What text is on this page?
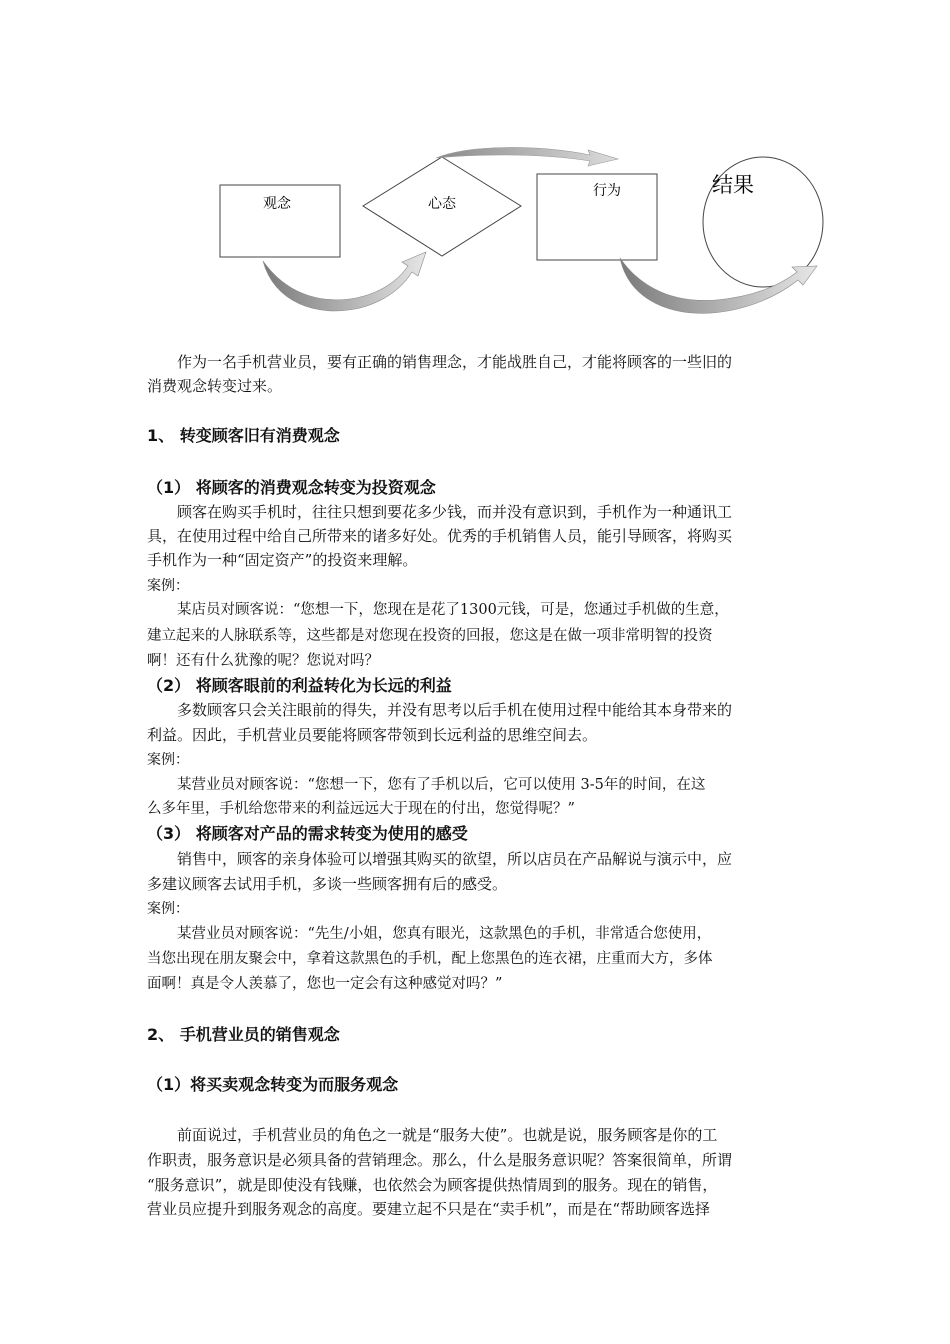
观念	心态
行为	结果
作为一名手机营业员，要有正确的销售理念，才能战胜自己，才能将顾客的一些旧的
消费观念转变过来。
1、 转变顾客旧有消费观念
（1） 将顾客的消费观念转变为投资观念
顾客在购买手机时，往往只想到要花多少钱，而并没有意识到，手机作为一种通讯工
具，在使用过程中给自己所带来的诸多好处。优秀的手机销售人员，能引导顾客，将购买
手机作为一种“固定资产”的投资来理解。
案例：
某店员对顾客说：“您想一下，您现在是花了1300元钱，可是，您通过手机做的生意，
建立起来的人脉联系等，这些都是对您现在投资的回报，您这是在做一项非常明智的投资
啊！还有什么犹豫的呢？您说对吗？
（2） 将顾客眼前的利益转化为长远的利益
多数顾客只会关注眼前的得失，并没有思考以后手机在使用过程中能给其本身带来的
利益。因此，手机营业员要能将顾客带领到长远利益的思维空间去。
案例：
某营业员对顾客说：“您想一下，您有了手机以后，它可以使用 3-5年的时间，在这
么多年里，手机给您带来的利益远远大于现在的付出，您觉得呢？”
（3） 将顾客对产品的需求转变为使用的感受
销售中，顾客的亲身体验可以增强其购买的欲望，所以店员在产品解说与演示中，应
多建议顾客去试用手机，多谈一些顾客拥有后的感受。
案例：
某营业员对顾客说：“先生/小姐，您真有眼光，这款黑色的手机，非常适合您使用，
当您出现在朋友聚会中，拿着这款黑色的手机，配上您黑色的连衣裙，庄重而大方，多体
面啊！真是令人羡慕了，您也一定会有这种感觉对吗？”
2、 手机营业员的销售观念
（1）将买卖观念转变为而服务观念
前面说过，手机营业员的角色之一就是“服务大使”。也就是说，服务顾客是你的工
作职责，服务意识是必须具备的营销理念。那么，什么是服务意识呢？答案很简单，所谓
“服务意识”，就是即使没有钱赚，也依然会为顾客提供热情周到的服务。现在的销售，
营业员应提升到服务观念的高度。要建立起不只是在“卖手机”，而是在“帮助顾客选择
